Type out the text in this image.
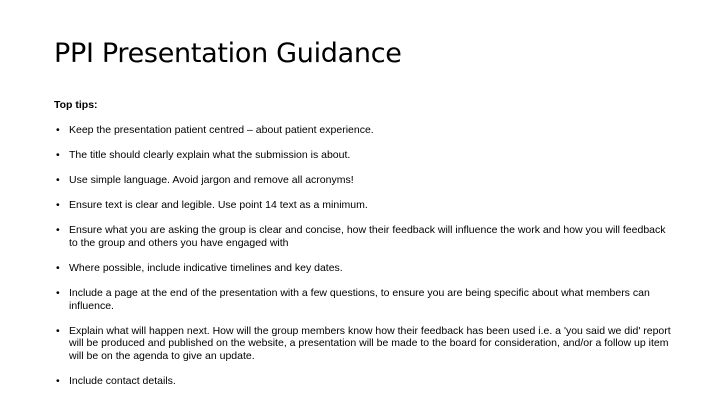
PPI Presentation Guidance

Top tips:

• Keep the presentation patient centred – about patient experience.
• The title should clearly explain what the submission is about.
• Use simple language. Avoid jargon and remove all acronyms!
• Ensure text is clear and legible. Use point 14 text as a minimum.
• Ensure what you are asking the group is clear and concise, how their feedback will influence the work and how you will feedback to the group and others you have engaged with
• Where possible, include indicative timelines and key dates.
• Include a page at the end of the presentation with a few questions, to ensure you are being specific about what members can influence.
• Explain what will happen next. How will the group members know how their feedback has been used i.e. a 'you said we did' report will be produced and published on the website, a presentation will be made to the board for consideration, and/or a follow up item will be on the agenda to give an update.
• Include contact details.
